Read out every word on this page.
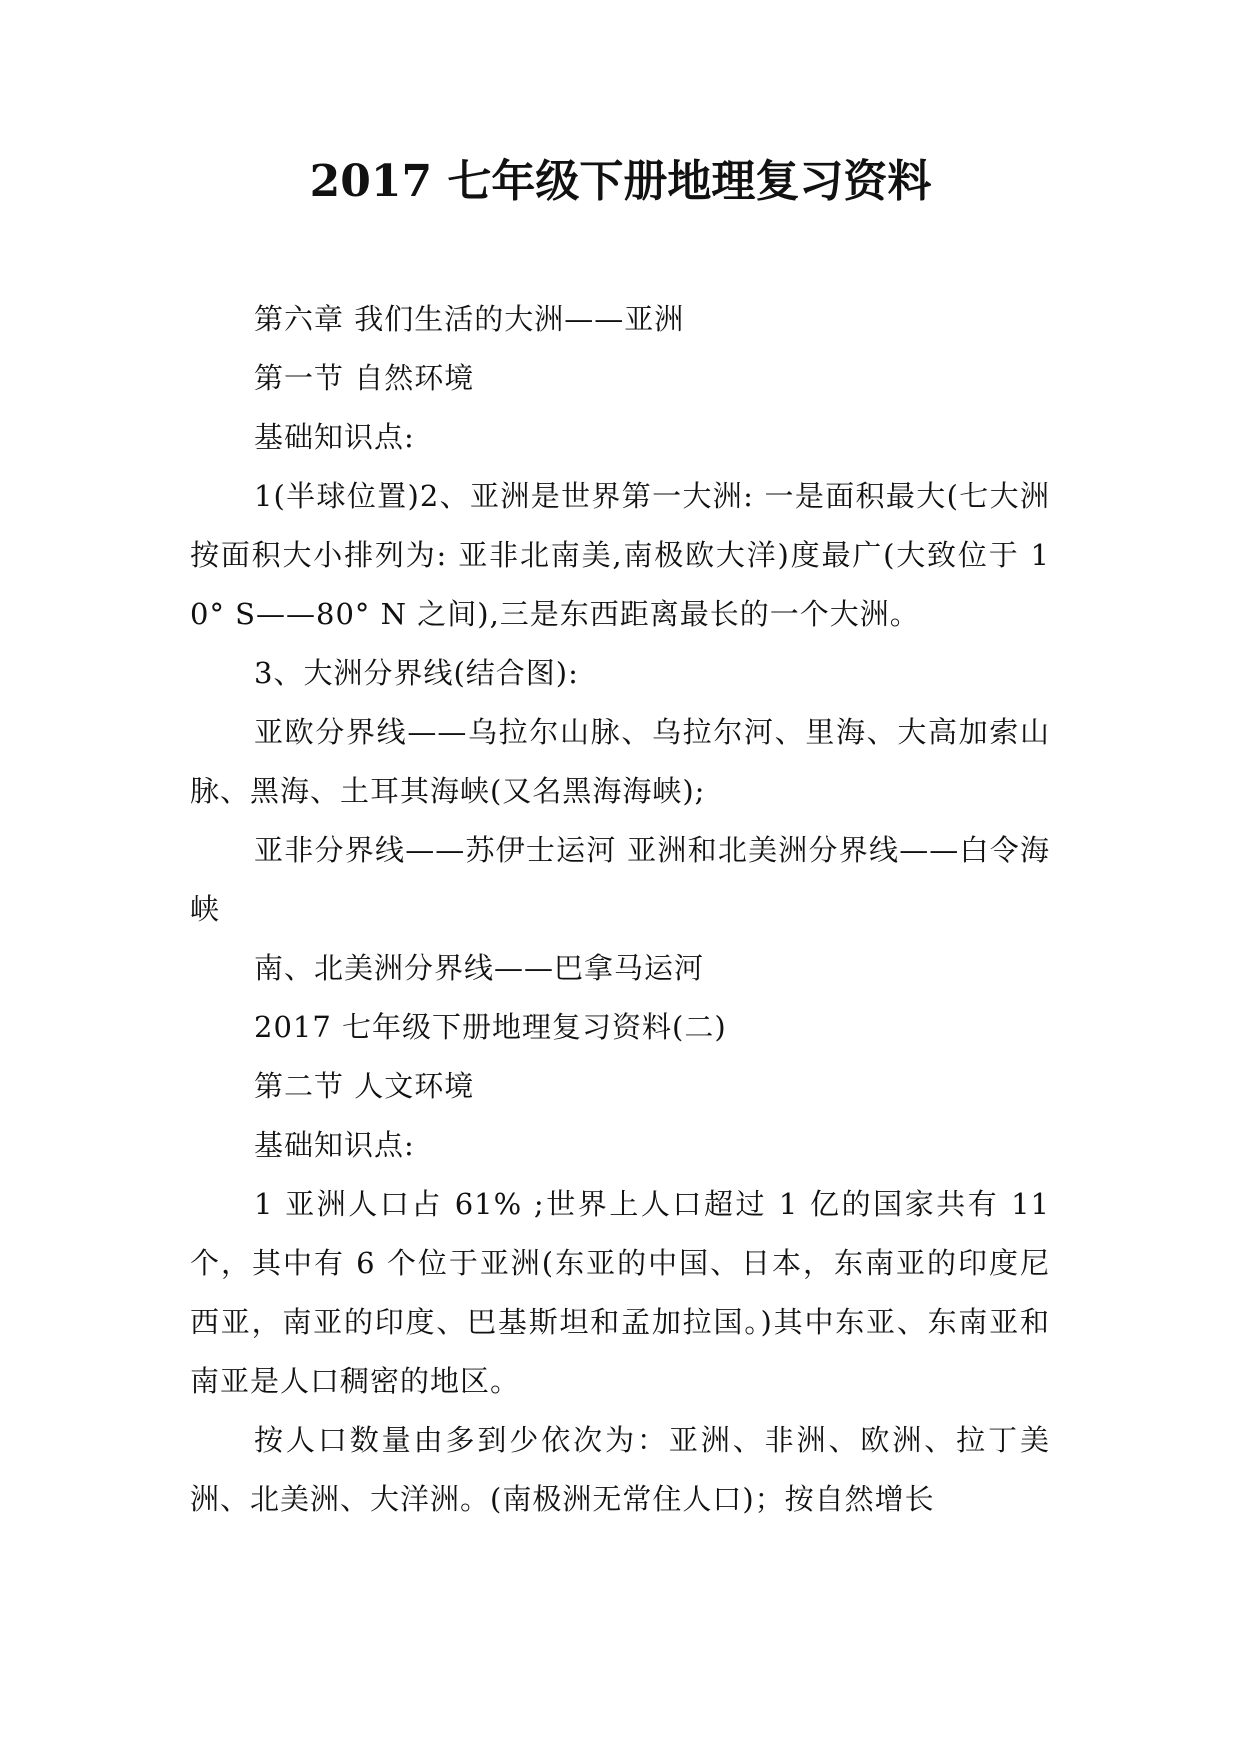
2017 七年级下册地理复习资料

第六章 我们生活的大洲——亚洲

第一节 自然环境

基础知识点:

1(半球位置)2、亚洲是世界第一大洲: 一是面积最大(七大洲按面积大小排列为: 亚非北南美,南极欧大洋)度最广(大致位于 10° S——80° N 之间),三是东西距离最长的一个大洲。

3、大洲分界线(结合图):

亚欧分界线——乌拉尔山脉、乌拉尔河、里海、大高加索山脉、黑海、土耳其海峡(又名黑海海峡);

亚非分界线——苏伊士运河 亚洲和北美洲分界线——白令海峡

南、北美洲分界线——巴拿马运河

2017 七年级下册地理复习资料(二)

第二节 人文环境

基础知识点:

1 亚洲人口占 61% ;世界上人口超过 1 亿的国家共有 11 个，其中有 6 个位于亚洲(东亚的中国、日本，东南亚的印度尼西亚，南亚的印度、巴基斯坦和孟加拉国。)其中东亚、东南亚和南亚是人口稠密的地区。

按人口数量由多到少依次为：亚洲、非洲、欧洲、拉丁美洲、北美洲、大洋洲。(南极洲无常住人口)；按自然增长
